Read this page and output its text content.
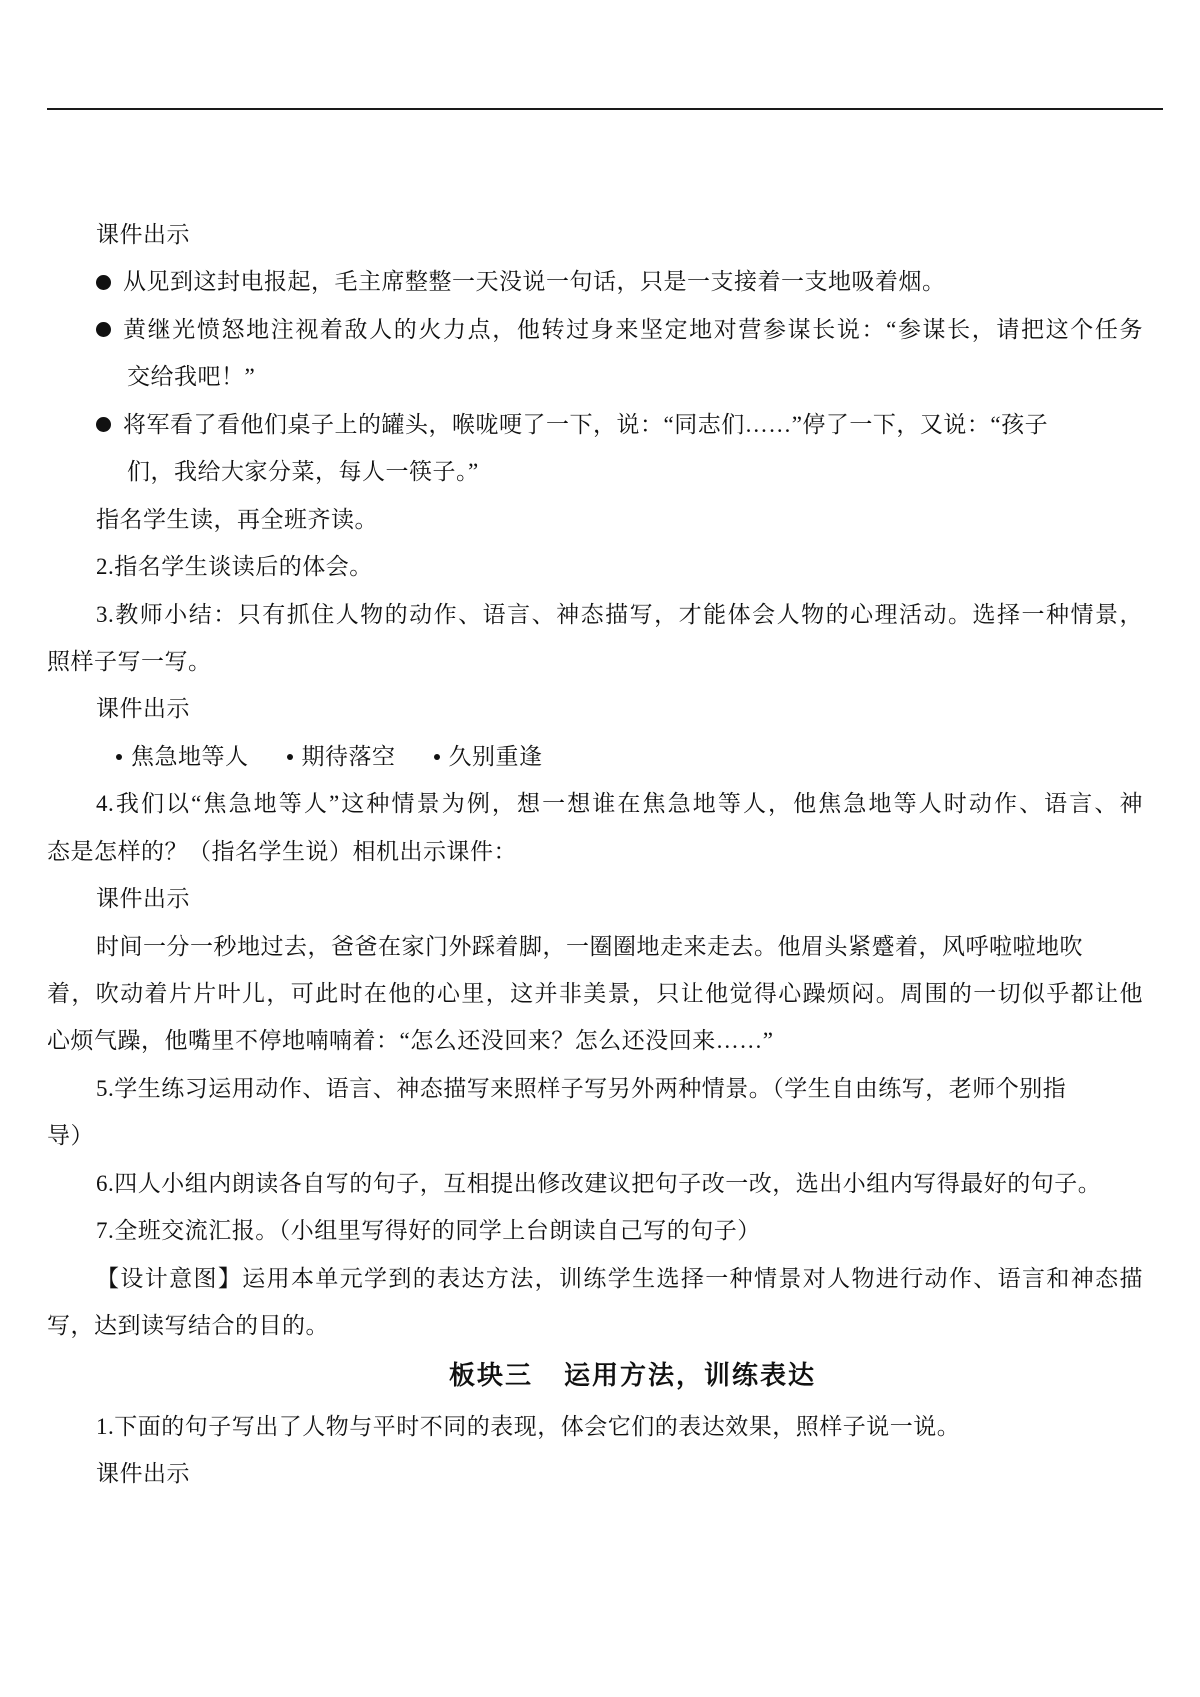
课件出示
从见到这封电报起，毛主席整整一天没说一句话，只是一支接着一支地吸着烟。
黄继光愤怒地注视着敌人的火力点，他转过身来坚定地对营参谋长说：“参谋长，请把这个任务
交给我吧！”
将军看了看他们桌子上的罐头，喉咙哽了一下，说：“同志们……”停了一下，又说：“孩子
们，我给大家分菜，每人一筷子。”
指名学生读，再全班齐读。
2.指名学生谈读后的体会。
3.教师小结：只有抓住人物的动作、语言、神态描写，才能体会人物的心理活动。选择一种情景，
照样子写一写。
课件出示
焦急地等人 期待落空 久别重逢
4.我们以“焦急地等人”这种情景为例，想一想谁在焦急地等人，他焦急地等人时动作、语言、神
态是怎样的？（指名学生说）相机出示课件：
课件出示
时间一分一秒地过去，爸爸在家门外踩着脚，一圈圈地走来走去。他眉头紧蹙着，风呼啦啦地吹
着，吹动着片片叶儿，可此时在他的心里，这并非美景，只让他觉得心躁烦闷。周围的一切似乎都让他
心烦气躁，他嘴里不停地喃喃着：“怎么还没回来？怎么还没回来……”
5.学生练习运用动作、语言、神态描写来照样子写另外两种情景。（学生自由练写，老师个别指
导）
6.四人小组内朗读各自写的句子，互相提出修改建议把句子改一改，选出小组内写得最好的句子。
7.全班交流汇报。（小组里写得好的同学上台朗读自己写的句子）
【设计意图】运用本单元学到的表达方法，训练学生选择一种情景对人物进行动作、语言和神态描
写，达到读写结合的目的。
板块三 运用方法，训练表达
1.下面的句子写出了人物与平时不同的表现，体会它们的表达效果，照样子说一说。
课件出示
